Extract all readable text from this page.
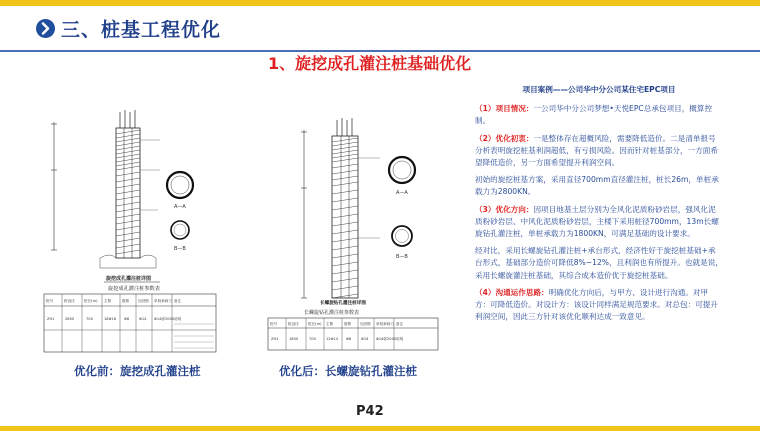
三、桩基工程优化
1、旋挖成孔灌注桩基础优化
A—A
B—B
旋挖成孔灌注桩详图
旋挖成孔灌注桩参数表
桩号	桩直径	桩长(m) 主筋	箍筋 加劲筋 单桩承载力 备注
ZH1	2800	700	18Φ16 Φ8	Φ14 Φ14@2000 说明
A—A
B—B
长螺旋钻孔灌注桩详图
长螺旋钻孔灌注桩参数表
桩号	桩直径	桩长(m) 主筋	箍筋 加劲筋 单桩承载力 备注
ZH1	1800	700	12Φ14 Φ8	Φ14 Φ14@2000 说明
优化前：旋挖成孔灌注桩	优化后：长螺旋钻孔灌注桩

项目案例——公司华中分公司某住宅EPC项目

（1）项目情况：一公司华中分公司梦想•天悦EPC总承包项目，概算控制。

（2）优化初衷：一是整体存在超概风险，需要降低造价。二是清单报号分析表明旋挖桩基利润超低，有亏损风险。因而针对桩基部分，一方面希望降低造价，另一方面希望提升利润空间。

初始的旋挖桩基方案，采用直径700mm直径灌注桩，桩长26m，单桩承载力为2800KN。

（3）优化方向：因项目地基土层分别为全风化泥质粉砂岩层，强风化泥质粉砂岩层、中风化泥质粉砂岩层，主楼下采用桩径700mm，13m长螺旋钻孔灌注桩，单桩承载力为1800KN，可满足基础的设计要求。

经对比，采用长螺旋钻孔灌注桩+承台形式，经济性好于旋挖桩基础+承台形式，基础部分造价可降低8%~12%，且利润也有所提升。也就是说，采用长螺旋灌注桩基础，其综合成本造价优于旋挖桩基础。

（4）沟通运作思路：明确优化方向后，与甲方、设计进行沟通。对甲方：可降低造价。对设计方：该设计同样满足规范要求。对总包：可提升利润空间，因此三方针对该优化顺利达成一致意见。

P42
